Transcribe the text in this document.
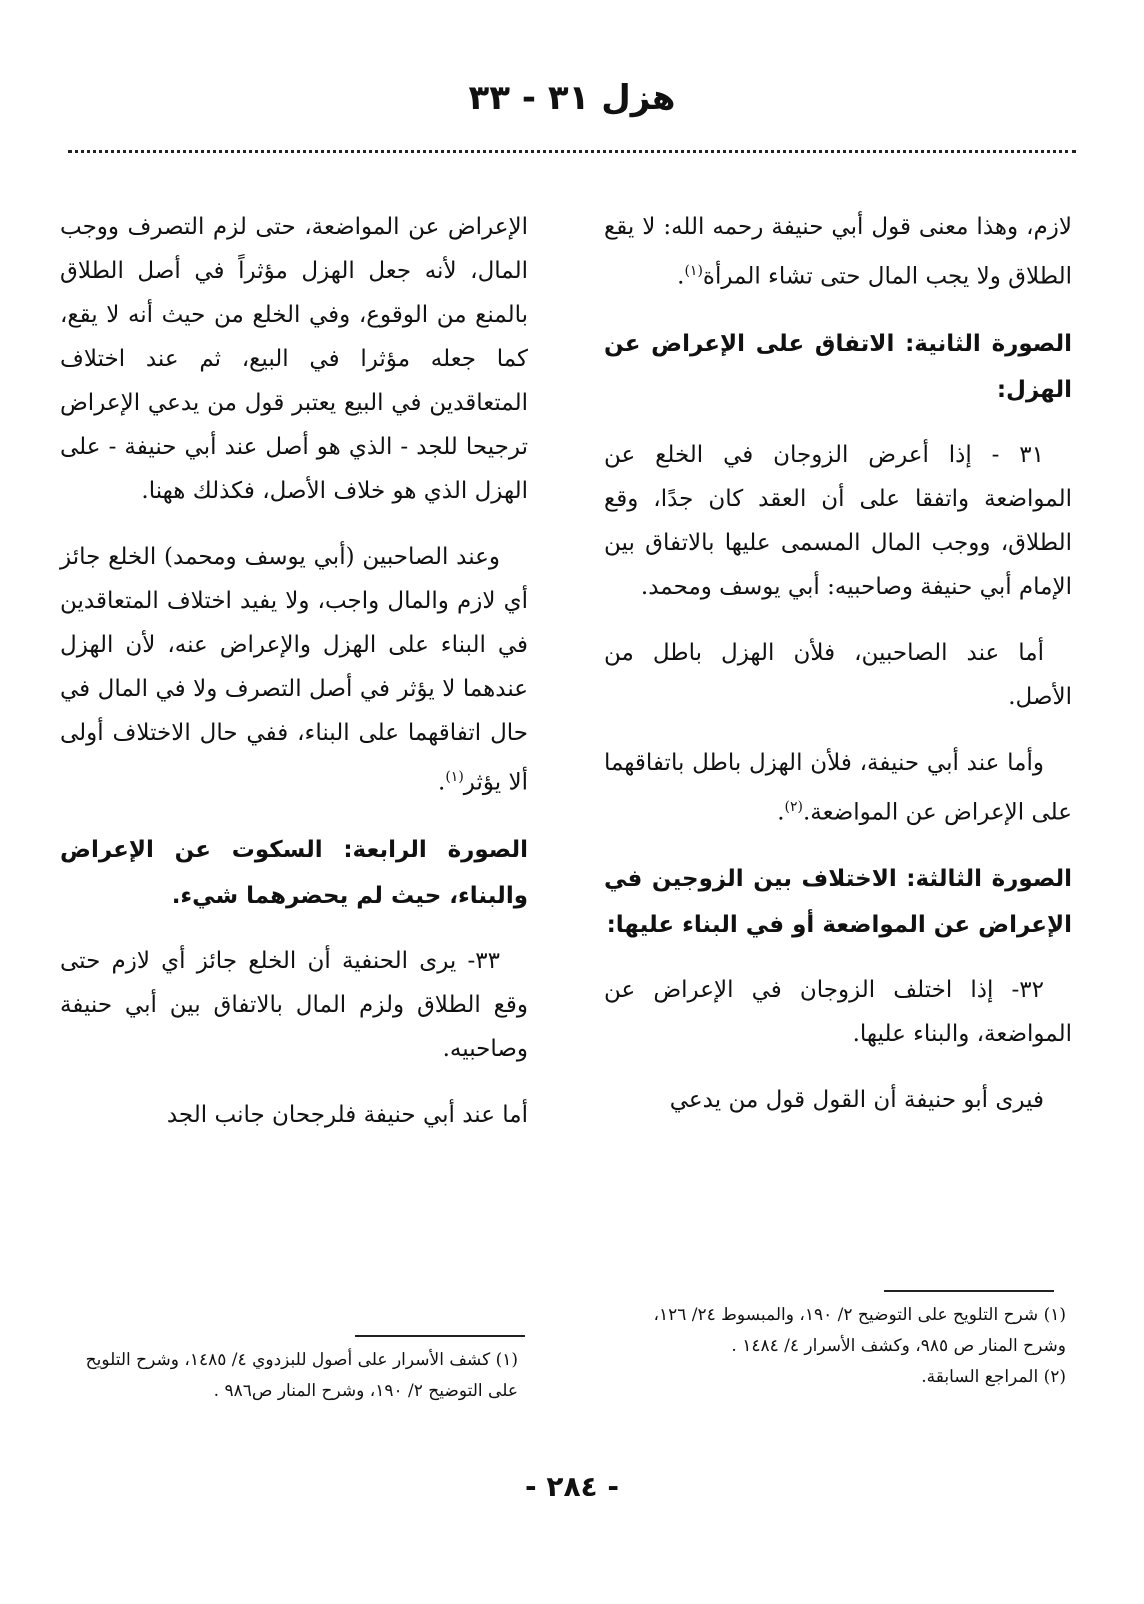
هزل ٣١ - ٣٣

لازم، وهذا معنى قول أبي حنيفة رحمه الله: لا يقع الطلاق ولا يجب المال حتى تشاء المرأة$^{(١)}$.

الصورة الثانية: الاتفاق على الإعراض عن الهزل:

٣١ - إذا أعرض الزوجان في الخلع عن المواضعة واتفقا على أن العقد كان جدًا، وقع الطلاق، ووجب المال المسمى عليها بالاتفاق بين الإمام أبي حنيفة وصاحبيه: أبي يوسف ومحمد.

أما عند الصاحبين، فلأن الهزل باطل من الأصل.

وأما عند أبي حنيفة، فلأن الهزل باطل باتفاقهما على الإعراض عن المواضعة.$^{(٢)}$.

الصورة الثالثة: الاختلاف بين الزوجين في الإعراض عن المواضعة أو في البناء عليها:

٣٢- إذا اختلف الزوجان في الإعراض عن المواضعة، والبناء عليها.

فيرى أبو حنيفة أن القول قول من يدعي

الإعراض عن المواضعة، حتى لزم التصرف ووجب المال، لأنه جعل الهزل مؤثراً في أصل الطلاق بالمنع من الوقوع، وفي الخلع من حيث أنه لا يقع، كما جعله مؤثرا في البيع، ثم عند اختلاف المتعاقدين في البيع يعتبر قول من يدعي الإعراض ترجيحا للجد - الذي هو أصل عند أبي حنيفة - على الهزل الذي هو خلاف الأصل، فكذلك ههنا.

وعند الصاحبين (أبي يوسف ومحمد) الخلع جائز أي لازم والمال واجب، ولا يفيد اختلاف المتعاقدين في البناء على الهزل والإعراض عنه، لأن الهزل عندهما لا يؤثر في أصل التصرف ولا في المال في حال اتفاقهما على البناء، ففي حال الاختلاف أولى ألا يؤثر$^{(١)}$.

الصورة الرابعة: السكوت عن الإعراض والبناء، حيث لم يحضرهما شيء.

٣٣- يرى الحنفية أن الخلع جائز أي لازم حتى وقع الطلاق ولزم المال بالاتفاق بين أبي حنيفة وصاحبيه.

أما عند أبي حنيفة فلرجحان جانب الجد

(١) شرح التلويح على التوضيح ٢/ ١٩٠، والمبسوط ٢٤/ ١٢٦، وشرح المنار ص ٩٨٥، وكشف الأسرار ٤/ ١٤٨٤ .
(٢) المراجع السابقة.
(١) كشف الأسرار على أصول للبزدوي ٤/ ١٤٨٥، وشرح التلويح على التوضيح ٢/ ١٩٠، وشرح المنار ص٩٨٦ .
- ٢٨٤ -
